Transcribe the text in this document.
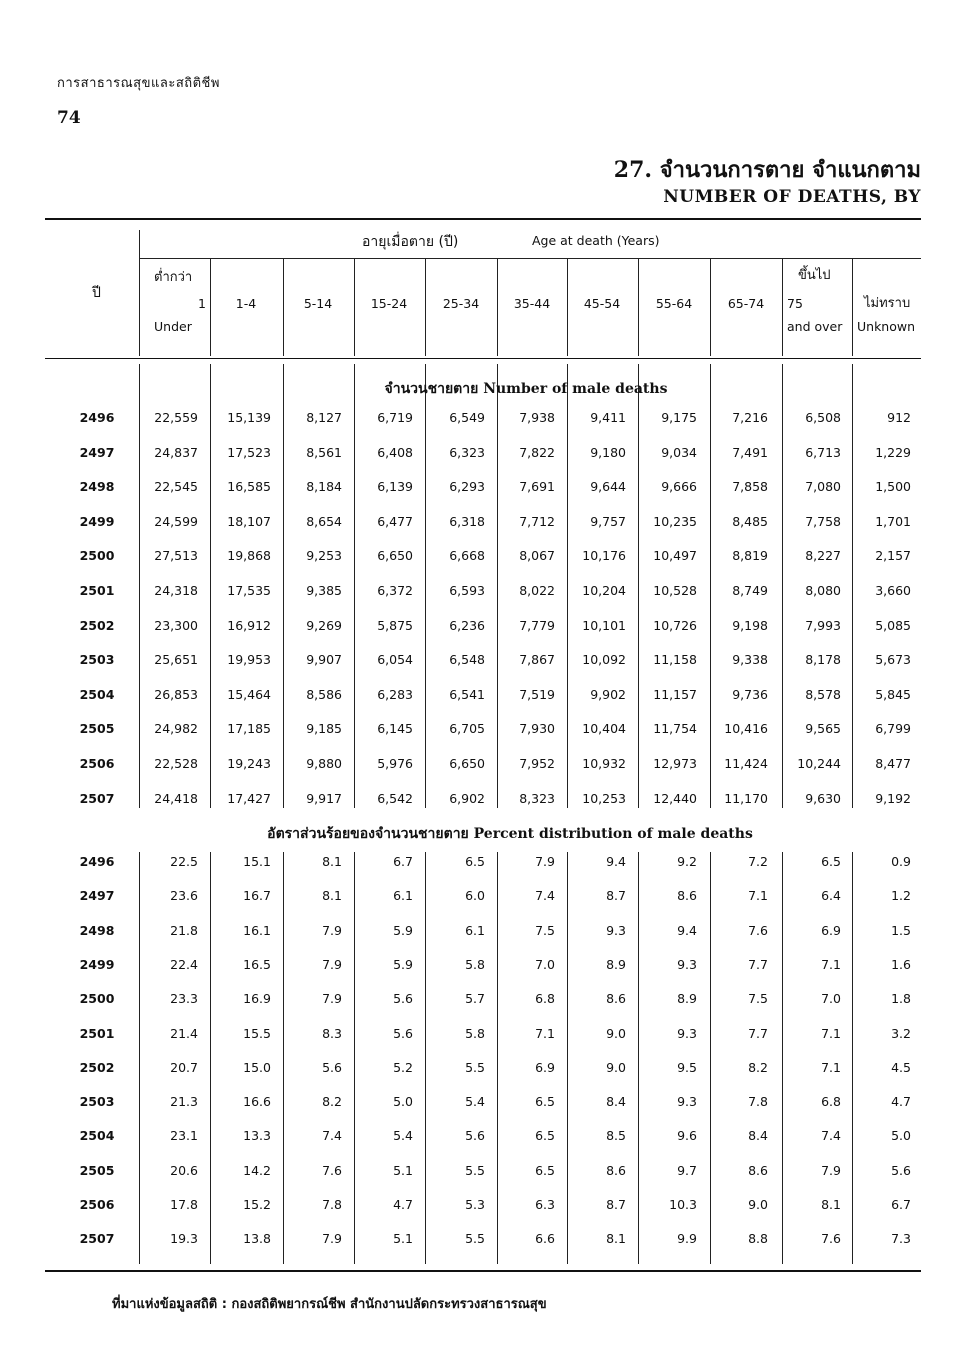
การสาธารณสุขและสถิติชีพ
74
27. จำนวนการตาย จำแนกตาม
NUMBER OF DEATHS, BY
อายุเมื่อตาย (ปี)	Age at death (Years)
ปี
ต่ำกว่า
1
Under
1-4	5-14	15-24	25-34	35-44	45-54	55-64	65-74
ขึ้นไป
75
and over
ไม่ทราบ
Unknown
จำนวนชายตาย Number of male deaths
อัตราส่วนร้อยของจำนวนชายตาย Percent distribution of male deaths
2496	22,559 15,139	8,127	6,719	6,549	7,938	9,411	9,175	7,216	6,508	912
2497	24,837 17,523	8,561	6,408	6,323	7,822	9,180	9,034	7,491	6,713	1,229
2498	22,545 16,585	8,184	6,139	6,293	7,691	9,644	9,666	7,858	7,080	1,500
2499	24,599 18,107	8,654	6,477	6,318	7,712	9,757 10,235	8,485	7,758	1,701
2500	27,513 19,868	9,253	6,650	6,668	8,067 10,176 10,497	8,819	8,227	2,157
2501	24,318 17,535	9,385	6,372	6,593	8,022 10,204 10,528	8,749	8,080	3,660
2502	23,300 16,912	9,269	5,875	6,236	7,779 10,101 10,726	9,198	7,993	5,085
2503	25,651 19,953	9,907	6,054	6,548	7,867 10,092 11,158	9,338	8,178	5,673
2504	26,853 15,464	8,586	6,283	6,541	7,519	9,902 11,157	9,736	8,578	5,845
2505	24,982 17,185	9,185	6,145	6,705	7,930 10,404 11,754 10,416	9,565	6,799
2506	22,528 19,243	9,880	5,976	6,650	7,952 10,932 12,973 11,424 10,244	8,477
2507	24,418 17,427	9,917	6,542	6,902	8,323 10,253 12,440 11,170	9,630	9,192
2496	22.5	15.1	8.1	6.7	6.5	7.9	9.4	9.2	7.2	6.5	0.9
2497	23.6	16.7	8.1	6.1	6.0	7.4	8.7	8.6	7.1	6.4	1.2
2498	21.8	16.1	7.9	5.9	6.1	7.5	9.3	9.4	7.6	6.9	1.5
2499	22.4	16.5	7.9	5.9	5.8	7.0	8.9	9.3	7.7	7.1	1.6
2500	23.3	16.9	7.9	5.6	5.7	6.8	8.6	8.9	7.5	7.0	1.8
2501	21.4	15.5	8.3	5.6	5.8	7.1	9.0	9.3	7.7	7.1	3.2
2502	20.7	15.0	5.6	5.2	5.5	6.9	9.0	9.5	8.2	7.1	4.5
2503	21.3	16.6	8.2	5.0	5.4	6.5	8.4	9.3	7.8	6.8	4.7
2504	23.1	13.3	7.4	5.4	5.6	6.5	8.5	9.6	8.4	7.4	5.0
2505	20.6	14.2	7.6	5.1	5.5	6.5	8.6	9.7	8.6	7.9	5.6
2506	17.8	15.2	7.8	4.7	5.3	6.3	8.7	10.3	9.0	8.1	6.7
2507	19.3	13.8	7.9	5.1	5.5	6.6	8.1	9.9	8.8	7.6	7.3
ที่มาแห่งข้อมูลสถิติ : กองสถิติพยากรณ์ชีพ สำนักงานปลัดกระทรวงสาธารณสุข
